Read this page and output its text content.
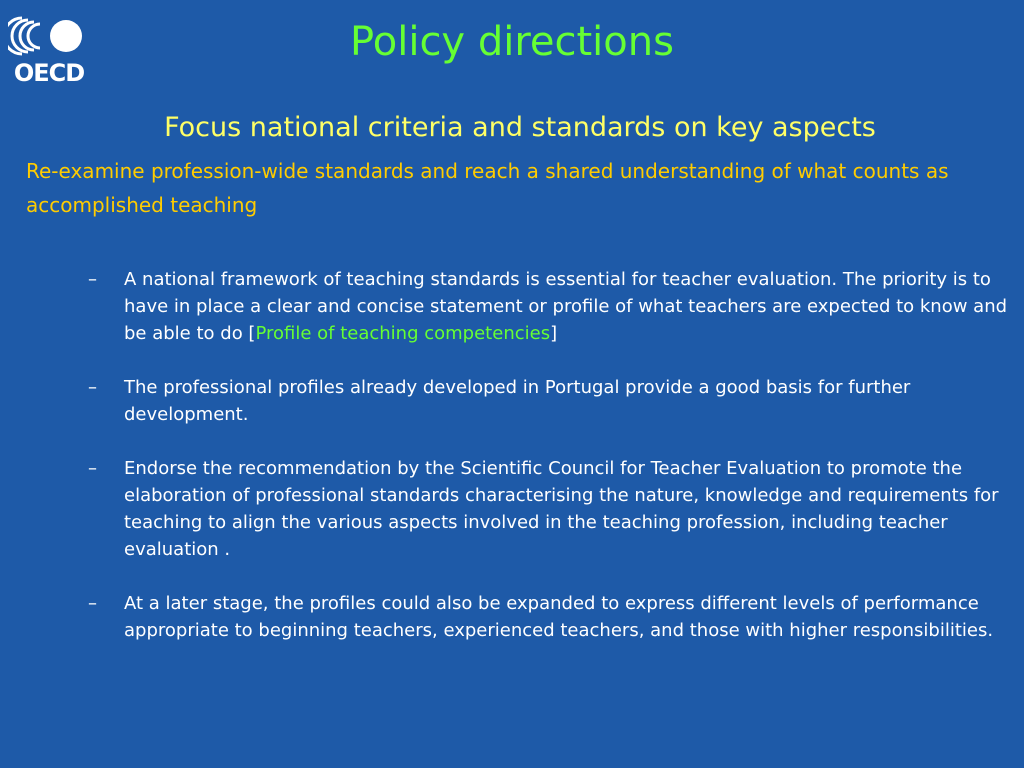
OECD
Policy directions
Focus national criteria and standards on key aspects
Re-examine profession-wide standards and reach a shared understanding of what counts as accomplished teaching
–	A national framework of teaching standards is essential for teacher evaluation. The priority is to have in place a clear and concise statement or profile of what teachers are expected to know and be able to do [Profile of teaching competencies]
–	The professional profiles already developed in Portugal provide a good basis for further development.
–	Endorse the recommendation by the Scientific Council for Teacher Evaluation to promote the elaboration of professional standards characterising the nature, knowledge and requirements for teaching to align the various aspects involved in the teaching profession, including teacher evaluation .
–	At a later stage, the profiles could also be expanded to express different levels of performance appropriate to beginning teachers, experienced teachers, and those with higher responsibilities.
